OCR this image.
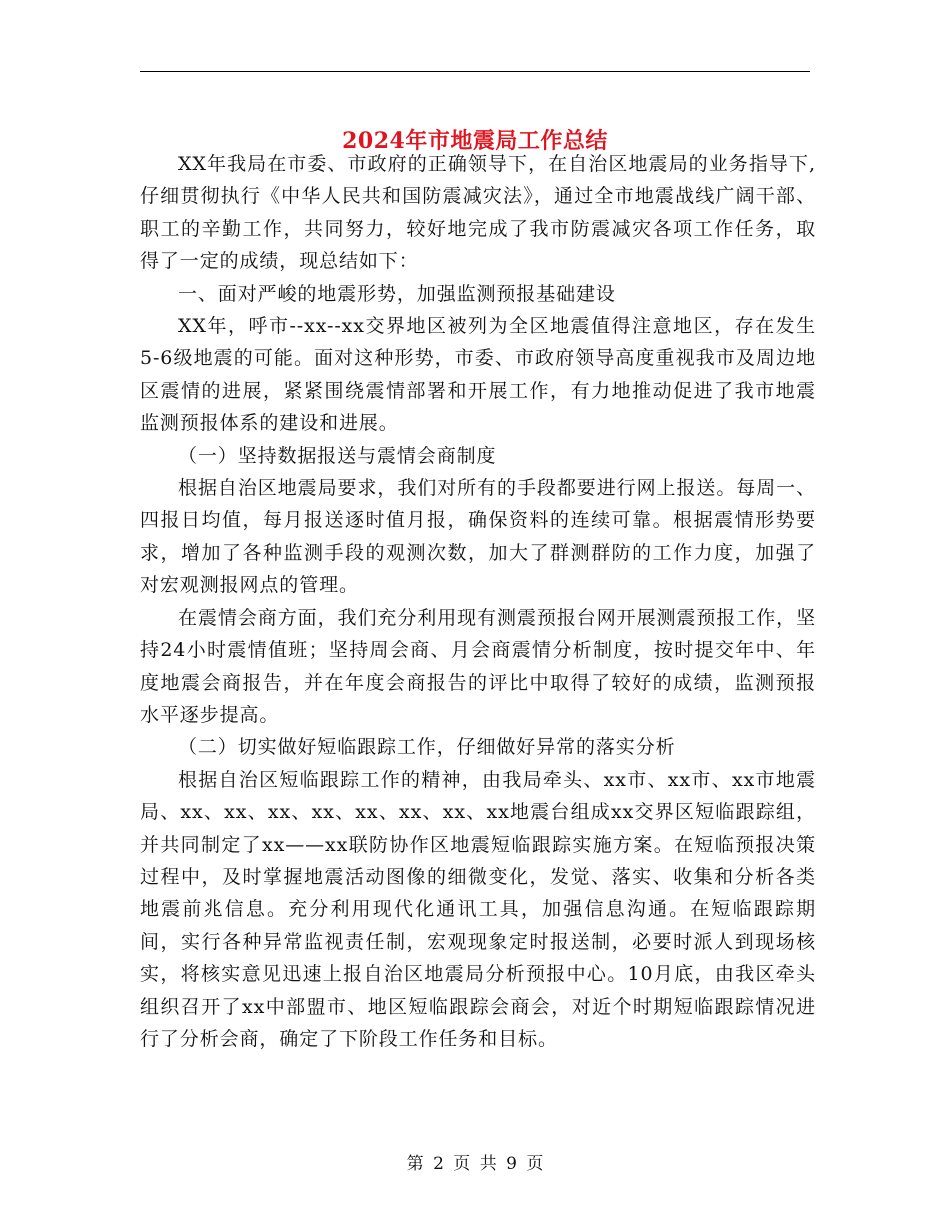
2024年市地震局工作总结

XX年我局在市委、市政府的正确领导下，在自治区地震局的业务指导下,仔细贯彻执行《中华人民共和国防震减灾法》，通过全市地震战线广阔干部、职工的辛勤工作，共同努力，较好地完成了我市防震减灾各项工作任务，取得了一定的成绩，现总结如下：

一、面对严峻的地震形势，加强监测预报基础建设

XX年，呼市--xx--xx交界地区被列为全区地震值得注意地区，存在发生5-6级地震的可能。面对这种形势，市委、市政府领导高度重视我市及周边地区震情的进展，紧紧围绕震情部署和开展工作，有力地推动促进了我市地震监测预报体系的建设和进展。

（一）坚持数据报送与震情会商制度

根据自治区地震局要求，我们对所有的手段都要进行网上报送。每周一、四报日均值，每月报送逐时值月报，确保资料的连续可靠。根据震情形势要求，增加了各种监测手段的观测次数，加大了群测群防的工作力度，加强了对宏观测报网点的管理。

在震情会商方面，我们充分利用现有测震预报台网开展测震预报工作，坚持24小时震情值班；坚持周会商、月会商震情分析制度，按时提交年中、年度地震会商报告，并在年度会商报告的评比中取得了较好的成绩，监测预报水平逐步提高。

（二）切实做好短临跟踪工作，仔细做好异常的落实分析

根据自治区短临跟踪工作的精神，由我局牵头、xx市、xx市、xx市地震局、xx、xx、xx、xx、xx、xx、xx、xx地震台组成xx交界区短临跟踪组，并共同制定了xx——xx联防协作区地震短临跟踪实施方案。在短临预报决策过程中，及时掌握地震活动图像的细微变化，发觉、落实、收集和分析各类地震前兆信息。充分利用现代化通讯工具，加强信息沟通。在短临跟踪期间，实行各种异常监视责任制，宏观现象定时报送制，必要时派人到现场核实，将核实意见迅速上报自治区地震局分析预报中心。10月底，由我区牵头组织召开了xx中部盟市、地区短临跟踪会商会，对近个时期短临跟踪情况进行了分析会商，确定了下阶段工作任务和目标。

第 2 页 共 9 页
